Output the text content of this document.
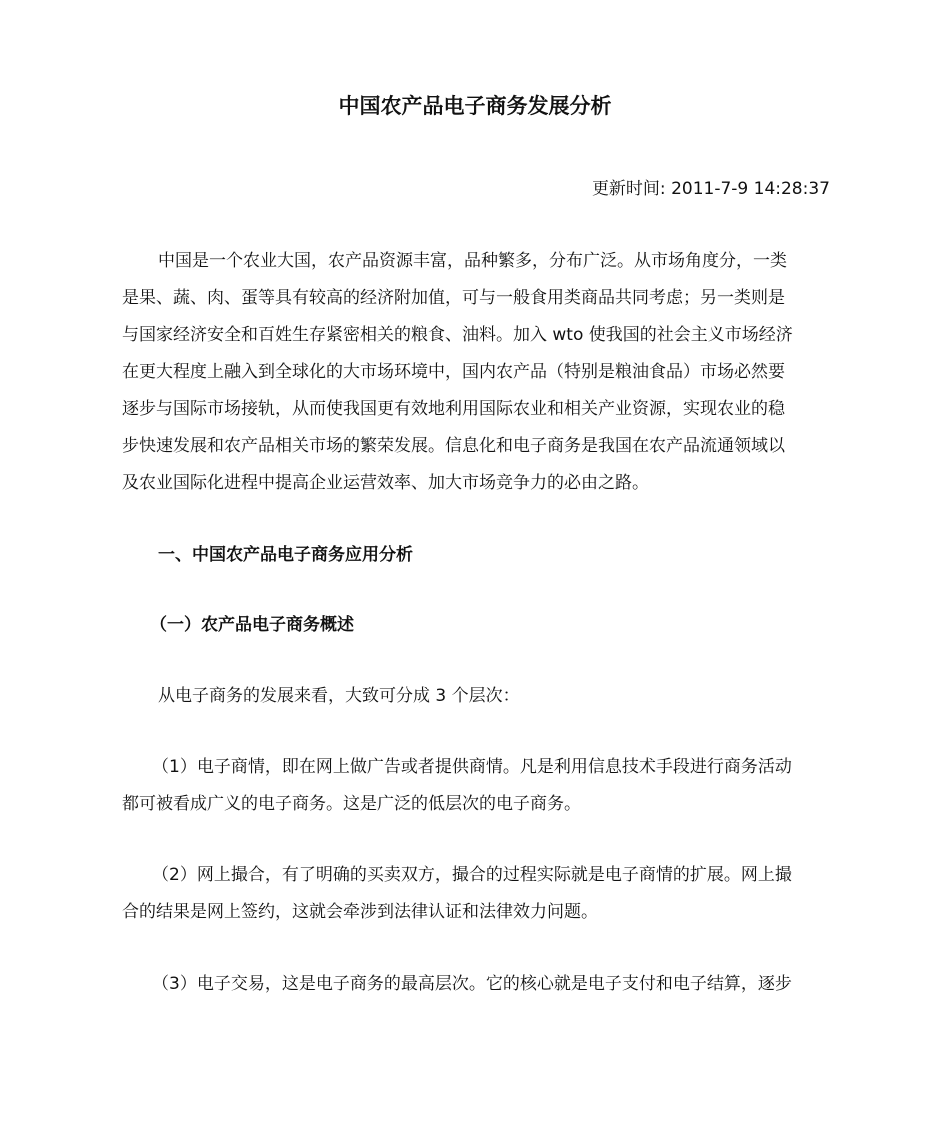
中国农产品电子商务发展分析
更新时间: 2011-7-9 14:28:37
中国是一个农业大国，农产品资源丰富，品种繁多，分布广泛。从市场角度分，一类
是果、蔬、肉、蛋等具有较高的经济附加值，可与一般食用类商品共同考虑；另一类则是
与国家经济安全和百姓生存紧密相关的粮食、油料。加入 wto 使我国的社会主义市场经济
在更大程度上融入到全球化的大市场环境中，国内农产品（特别是粮油食品）市场必然要
逐步与国际市场接轨，从而使我国更有效地利用国际农业和相关产业资源，实现农业的稳
步快速发展和农产品相关市场的繁荣发展。信息化和电子商务是我国在农产品流通领域以
及农业国际化进程中提高企业运营效率、加大市场竞争力的必由之路。
一、中国农产品电子商务应用分析
（一）农产品电子商务概述
从电子商务的发展来看，大致可分成 3 个层次：
（1）电子商情，即在网上做广告或者提供商情。凡是利用信息技术手段进行商务活动
都可被看成广义的电子商务。这是广泛的低层次的电子商务。
（2）网上撮合，有了明确的买卖双方，撮合的过程实际就是电子商情的扩展。网上撮
合的结果是网上签约，这就会牵涉到法律认证和法律效力问题。
（3）电子交易，这是电子商务的最高层次。它的核心就是电子支付和电子结算，逐步
